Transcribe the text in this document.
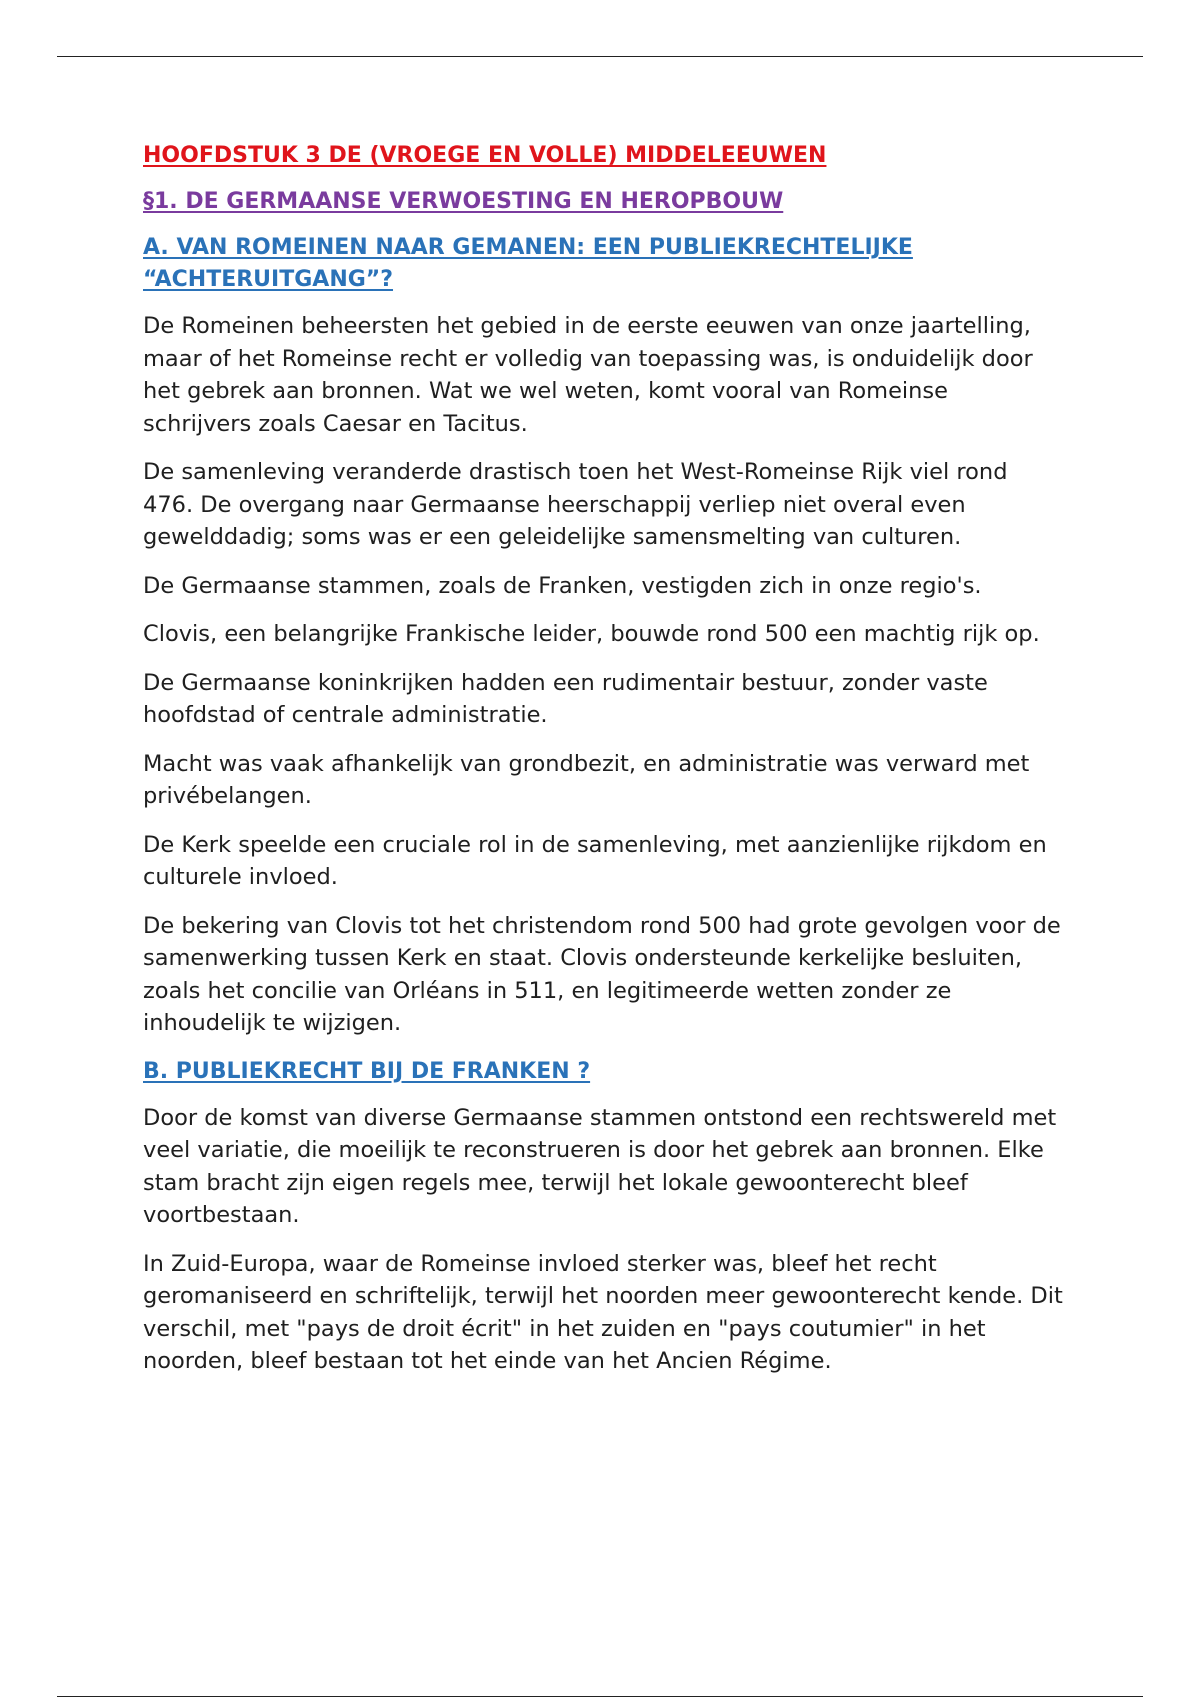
HOOFDSTUK 3 DE (VROEGE EN VOLLE) MIDDELEEUWEN
§1. DE GERMAANSE VERWOESTING EN HEROPBOUW
A. VAN ROMEINEN NAAR GEMANEN: EEN PUBLIEKRECHTELIJKE “ACHTERUITGANG”?

De Romeinen beheersten het gebied in de eerste eeuwen van onze jaartelling, maar of het Romeinse recht er volledig van toepassing was, is onduidelijk door het gebrek aan bronnen. Wat we wel weten, komt vooral van Romeinse schrijvers zoals Caesar en Tacitus.

De samenleving veranderde drastisch toen het West-Romeinse Rijk viel rond 476. De overgang naar Germaanse heerschappij verliep niet overal even gewelddadig; soms was er een geleidelijke samensmelting van culturen.

De Germaanse stammen, zoals de Franken, vestigden zich in onze regio's.

Clovis, een belangrijke Frankische leider, bouwde rond 500 een machtig rijk op.

De Germaanse koninkrijken hadden een rudimentair bestuur, zonder vaste hoofdstad of centrale administratie.

Macht was vaak afhankelijk van grondbezit, en administratie was verward met privébelangen.

De Kerk speelde een cruciale rol in de samenleving, met aanzienlijke rijkdom en culturele invloed.

De bekering van Clovis tot het christendom rond 500 had grote gevolgen voor de samenwerking tussen Kerk en staat. Clovis ondersteunde kerkelijke besluiten, zoals het concilie van Orléans in 511, en legitimeerde wetten zonder ze inhoudelijk te wijzigen.

B. PUBLIEKRECHT BIJ DE FRANKEN ?

Door de komst van diverse Germaanse stammen ontstond een rechtswereld met veel variatie, die moeilijk te reconstrueren is door het gebrek aan bronnen. Elke stam bracht zijn eigen regels mee, terwijl het lokale gewoonterecht bleef voortbestaan.

In Zuid-Europa, waar de Romeinse invloed sterker was, bleef het recht geromaniseerd en schriftelijk, terwijl het noorden meer gewoonterecht kende. Dit verschil, met "pays de droit écrit" in het zuiden en "pays coutumier" in het noorden, bleef bestaan tot het einde van het Ancien Régime.
